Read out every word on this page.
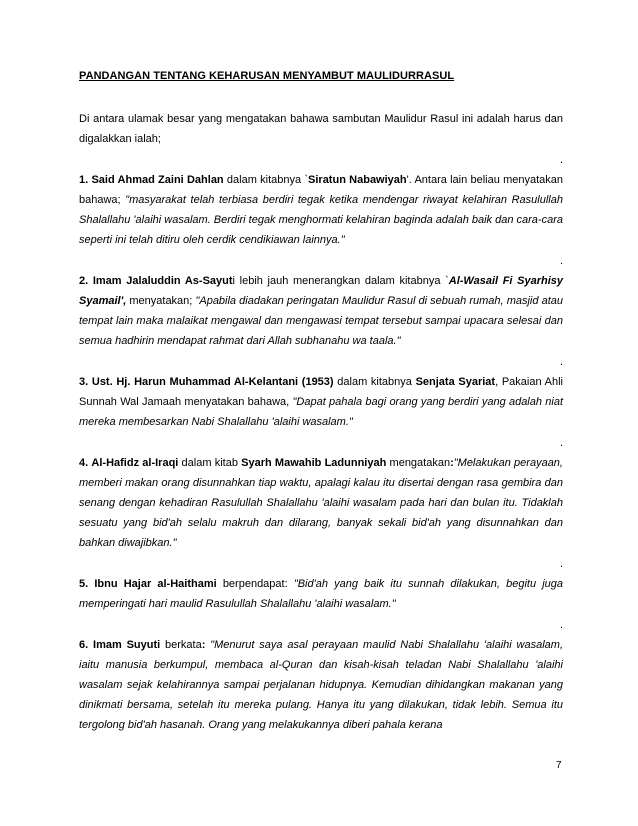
PANDANGAN TENTANG KEHARUSAN MENYAMBUT MAULIDURRASUL

Di antara ulamak besar yang mengatakan bahawa sambutan Maulidur Rasul ini adalah harus dan digalakkan ialah;

.

1. Said Ahmad Zaini Dahlan dalam kitabnya `Siratun Nabawiyah'. Antara lain beliau menyatakan bahawa; "masyarakat telah terbiasa berdiri tegak ketika mendengar riwayat kelahiran Rasulullah Shalallahu 'alaihi wasalam. Berdiri tegak menghormati kelahiran baginda adalah baik dan cara-cara seperti ini telah ditiru oleh cerdik cendikiawan lainnya."

.

2. Imam Jalaluddin As-Sayuti lebih jauh menerangkan dalam kitabnya `Al-Wasail Fi Syarhisy Syamail', menyatakan; "Apabila diadakan peringatan Maulidur Rasul di sebuah rumah, masjid atau tempat lain maka malaikat mengawal dan mengawasi tempat tersebut sampai upacara selesai dan semua hadhirin mendapat rahmat dari Allah subhanahu wa taala."

.

3. Ust. Hj. Harun Muhammad Al-Kelantani (1953) dalam kitabnya Senjata Syariat, Pakaian Ahli Sunnah Wal Jamaah menyatakan bahawa, "Dapat pahala bagi orang yang berdiri yang adalah niat mereka membesarkan Nabi Shalallahu 'alaihi wasalam."

.

4. Al-Hafidz al-Iraqi dalam kitab Syarh Mawahib Ladunniyah mengatakan:"Melakukan perayaan, memberi makan orang disunnahkan tiap waktu, apalagi kalau itu disertai dengan rasa gembira dan senang dengan kehadiran Rasulullah Shalallahu 'alaihi wasalam pada hari dan bulan itu. Tidaklah sesuatu yang bid'ah selalu makruh dan dilarang, banyak sekali bid'ah yang disunnahkan dan bahkan diwajibkan."

.

5. Ibnu Hajar al-Haithami berpendapat: "Bid'ah yang baik itu sunnah dilakukan, begitu juga memperingati hari maulid Rasulullah Shalallahu 'alaihi wasalam."

.

6. Imam Suyuti berkata: "Menurut saya asal perayaan maulid Nabi Shalallahu 'alaihi wasalam, iaitu manusia berkumpul, membaca al-Quran dan kisah-kisah teladan Nabi Shalallahu 'alaihi wasalam sejak kelahirannya sampai perjalanan hidupnya. Kemudian dihidangkan makanan yang dinikmati bersama, setelah itu mereka pulang. Hanya itu yang dilakukan, tidak lebih. Semua itu tergolong bid'ah hasanah. Orang yang melakukannya diberi pahala kerana

7
